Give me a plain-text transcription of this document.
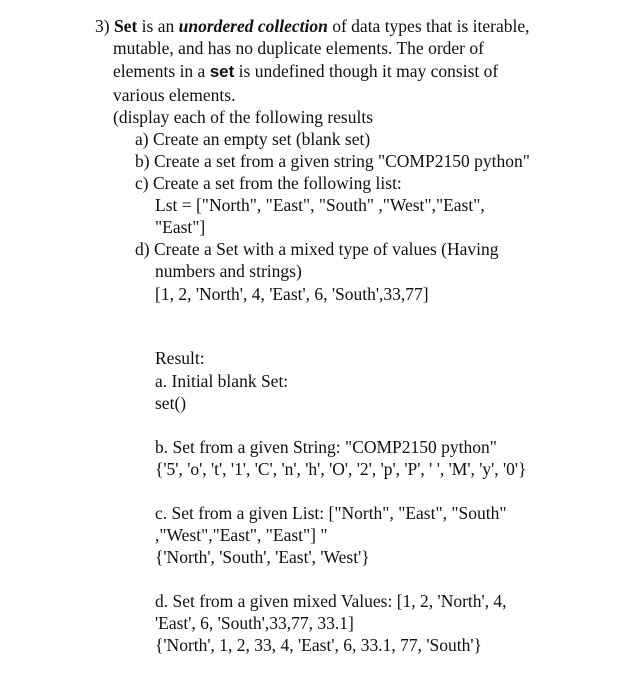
3) Set is an unordered collection of data types that is iterable,
mutable, and has no duplicate elements. The order of
elements in a set is undefined though it may consist of
various elements.
(display each of the following results
a) Create an empty set (blank set)
b) Create a set from a given string "COMP2150 python"
c) Create a set from the following list:
Lst = ["North", "East", "South" ,"West","East",
"East"]
d) Create a Set with a mixed type of values (Having
numbers and strings)
[1, 2, 'North', 4, 'East', 6, 'South',33,77]
Result:
a. Initial blank Set:
set()
b. Set from a given String: "COMP2150 python"
{'5', 'o', 't', '1', 'C', 'n', 'h', 'O', '2', 'p', 'P', ' ', 'M', 'y', '0'}
c. Set from a given List: ["North", "East", "South"
,"West","East", "East"] "
{'North', 'South', 'East', 'West'}
d. Set from a given mixed Values: [1, 2, 'North', 4,
'East', 6, 'South',33,77, 33.1]
{'North', 1, 2, 33, 4, 'East', 6, 33.1, 77, 'South'}
